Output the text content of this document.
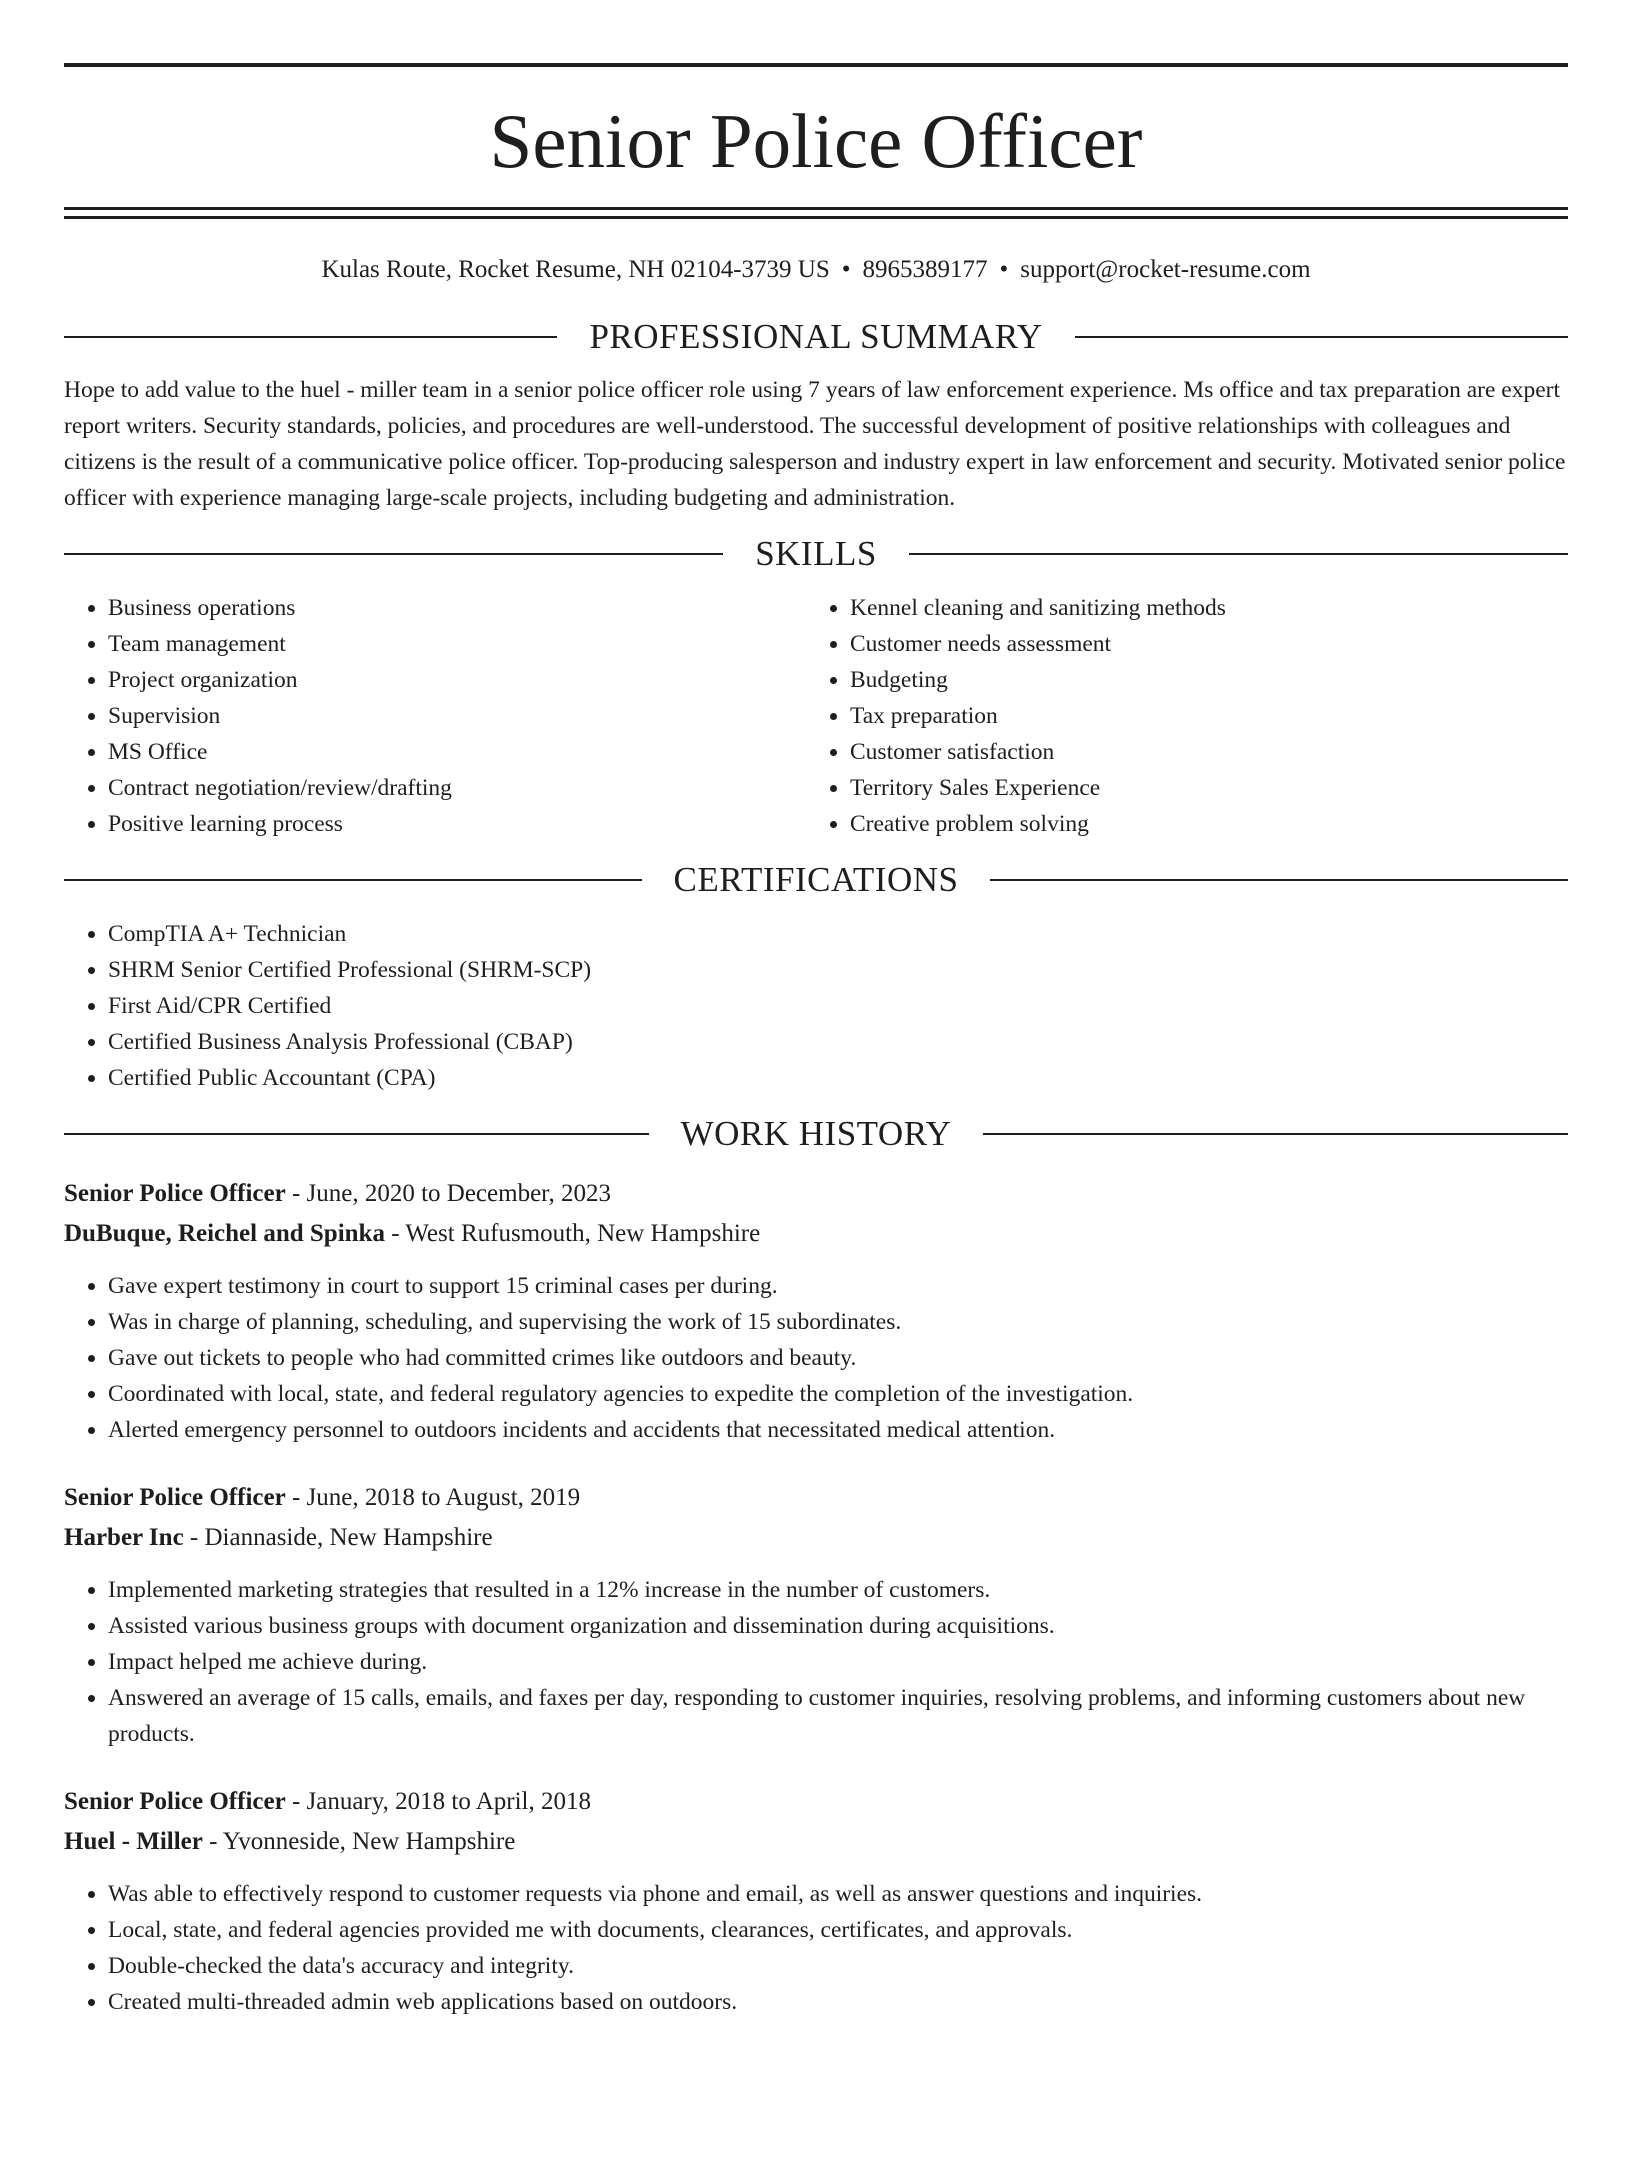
Senior Police Officer
Kulas Route, Rocket Resume, NH 02104-3739 US • 8965389177 • support@rocket-resume.com
PROFESSIONAL SUMMARY

Hope to add value to the huel - miller team in a senior police officer role using 7 years of law enforcement experience. Ms office and tax preparation are expert report writers. Security standards, policies, and procedures are well-understood. The successful development of positive relationships with colleagues and citizens is the result of a communicative police officer. Top-producing salesperson and industry expert in law enforcement and security. Motivated senior police officer with experience managing large-scale projects, including budgeting and administration.

SKILLS
• Business operations
• Team management
• Project organization
• Supervision
• MS Office
• Contract negotiation/review/drafting
• Positive learning process
• Kennel cleaning and sanitizing methods
• Customer needs assessment
• Budgeting
• Tax preparation
• Customer satisfaction
• Territory Sales Experience
• Creative problem solving
CERTIFICATIONS
• CompTIA A+ Technician
• SHRM Senior Certified Professional (SHRM-SCP)
• First Aid/CPR Certified
• Certified Business Analysis Professional (CBAP)
• Certified Public Accountant (CPA)
WORK HISTORY
Senior Police Officer - June, 2020 to December, 2023
DuBuque, Reichel and Spinka - West Rufusmouth, New Hampshire
• Gave expert testimony in court to support 15 criminal cases per during.
• Was in charge of planning, scheduling, and supervising the work of 15 subordinates.
• Gave out tickets to people who had committed crimes like outdoors and beauty.
• Coordinated with local, state, and federal regulatory agencies to expedite the completion of the investigation.
• Alerted emergency personnel to outdoors incidents and accidents that necessitated medical attention.
Senior Police Officer - June, 2018 to August, 2019
Harber Inc - Diannaside, New Hampshire
• Implemented marketing strategies that resulted in a 12% increase in the number of customers.
• Assisted various business groups with document organization and dissemination during acquisitions.
• Impact helped me achieve during.
• Answered an average of 15 calls, emails, and faxes per day, responding to customer inquiries, resolving problems, and informing customers about new products.
Senior Police Officer - January, 2018 to April, 2018
Huel - Miller - Yvonneside, New Hampshire
• Was able to effectively respond to customer requests via phone and email, as well as answer questions and inquiries.
• Local, state, and federal agencies provided me with documents, clearances, certificates, and approvals.
• Double-checked the data's accuracy and integrity.
• Created multi-threaded admin web applications based on outdoors.
